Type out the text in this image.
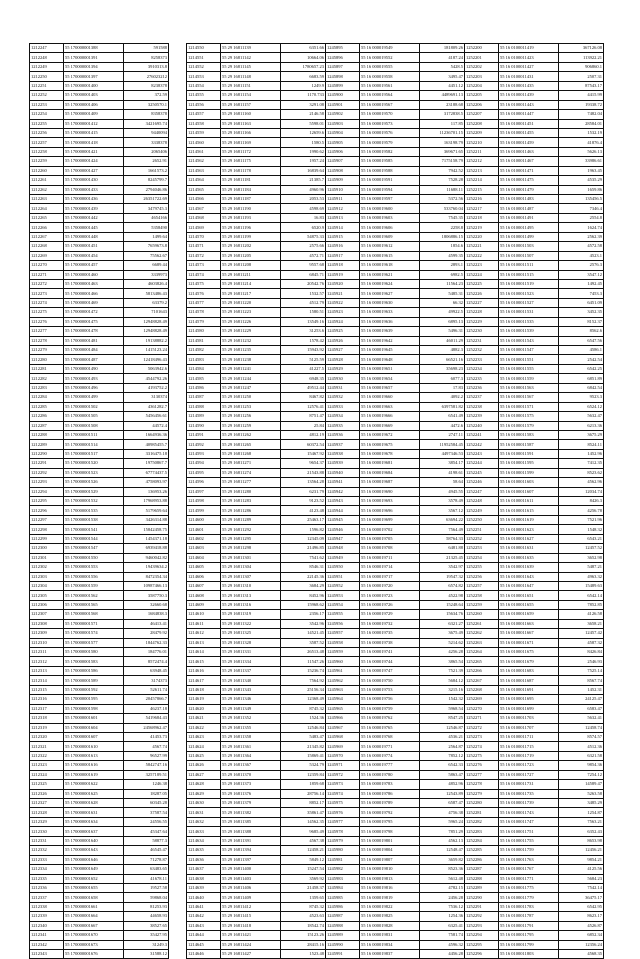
1212247	55 170000001388	591588
1212248	55 170000001391	8258373
1212249	55 170000001394	3910313.8
1212250	55 170000001397	276023212
1212251	55 170000001400	8238378
1212252	55 170000001403	372.59
1212253	55 170000001406	3250570.1
1212254	55 170000001409	8358378
1212255	55 170000001412	3421695.74
1212256	55 170000001415	9440094
1212257	55 170000001418	3338378
1212258	55 170000001421	2065406
1212259	55 170000001424	2652.91
1212260	55 170000001427	1661573.2
1212261	55 170000001430	8245799.7
1212262	55 170000001433	2794046.86
1212263	55 170000001436	26351722.69
1212264	55 170000001439	3479745.3
1212265	55 170000001442	4654166
1212266	55 170000001445	5358490
1212267	55 170000001448	1499.64
1212268	55 170000001451	7659673.8
1212269	55 170000001454	75562.67
1212270	55 170000001457	6689.44
1212271	55 170000001460	3339973
1212272	55 170000001463	4603826.4
1212273	55 170000001466	5813486.43
1212274	55 170000001469	63379.2
1212275	55 170000001472	7101643
1212276	55 170000001475	12948828.49
1212277	55 170000001478	12948828.49
1212278	55 170000001481	19138882.2
1212279	55 170000001484	1415123.24
1212280	55 170000001487	12418496.43
1212281	55 170000001490	5063942.6
1212282	55 170000001493	4544792.26
1212283	55 170000001496	4193752.2
1212284	55 170000001499	3130374
1212285	55 170000001502	4361282.7
1212286	55 170000001505	5456456.61
1212287	55 170000001508	44572.4
1212288	55 170000001511	1664936.36
1212289	55 170000001514	40985455.7
1212290	55 170000001517	3316475.18
1212291	55 170000001520	19750867.7
1212292	55 170000001523	67774437.5
1212293	55 170000001526	4758093.97
1212294	55 170000001529	136953.26
1212295	55 170000001532	17968953.88
1212296	55 170000001535	5179659.64
1212297	55 170000001538	3426314.88
1212298	55 170000001541	15842458.75
1212299	55 170000001544	1454371.18
1212300	55 170000001547	6939418.88
1212301	55 170000001550	9460042.82
1212302	55 170000001553	19439634.2
1212303	55 170000001556	8472354.34
1212304	55 170000001559	10987466.13
1212305	55 170000001562	3587750.3
1212306	55 170000001565	32660.68
1212307	55 170000001568	1684838.3
1212308	55 170000001571	46413.41
1212309	55 170000001574	28479.92
1212310	55 170000001577	1844762.33
1212311	55 170000001580	184776.01
1212312	55 170000001583	8572474.4
1212313	55 170000001586	63948.45
1212314	55 170000001589	3174373
1212315	55 170000001592	52611.74
1212316	55 170000001595	20457866.7
1212317	55 170000001598	46237.18
1212318	55 170000001601	5419684.43
1212319	55 170000001604	24568962.47
1212320	55 170000001607	41453.73
1212321	55 170000001610	4567.74
1212322	55 170000001613	96527.99
1212323	55 170000001616	5842747.16
1212324	55 170000001619	3257189.51
1212325	55 170000001622	1246.38
1212326	55 170000001625	18287.05
1212327	55 170000001628	60345.28
1212328	55 170000001631	37587.54
1212329	55 170000001634	24556.55
1212330	55 170000001637	45347.64
1212331	55 170000001640	58877.3
1212332	55 170000001643	46545.47
1212333	55 170000001646	71278.87
1212334	55 170000001649	63483.65
1212335	55 170000001652	41678.11
1212336	55 170000001655	19527.58
1212337	55 170000001658	59868.04
1212338	55 170000001661	81253.93
1212339	55 170000001664	44658.93
1212340	55 170000001667	38527.65
1212341	55 170000001670	35427.95
1212342	55 170000001673	31249.3
1212343	55 170000001676	31588.12
1214550	55 29 16811139	6351.66
1214551	55 29 16811142	10664.06
1214552	55 29 16811145	1780657.23
1214553	55 29 16811148	6683.59
1214554	55 29 16811151	1249.9
1214555	55 29 16811154	1170.733
1214556	55 29 16811157	3291.08
1214557	55 29 16811160	2146.58
1214558	55 29 16811163	5598.01
1214559	55 29 16811166	12659.6
1214560	55 29 16811169	1580.5
1214561	55 29 16811172	1990.62
1214562	55 29 16811175	1957.24
1214563	55 29 16811178	16839.64
1214564	55 29 16811181	21385.7
1214565	55 29 16811184	4960.96
1214566	55 29 16811187	2053.53
1214567	55 29 16811190	4598.69
1214568	55 29 16811193	16.83
1214569	55 29 16811196	6520.9
1214570	55 29 16811199	54875.33
1214571	55 29 16811202	2575.66
1214572	55 29 16811205	4572.71
1214573	55 29 16811208	9557.68
1214574	55 29 16811211	6845.71
1214575	55 29 16811214	20542.76
1214576	55 29 16811217	1532.57
1214577	55 29 16811220	4512.79
1214578	55 29 16811223	1580.51
1214579	55 29 16811226	13549.16
1214580	55 29 16811229	31253.6
1214581	55 29 16811232	1578.42
1214582	55 29 16811235	15943.92
1214583	55 29 16811238	5125.59
1214584	55 29 16811241	41227.5
1214585	55 29 16811244	6948.35
1214586	55 29 16811247	49512.44
1214587	55 29 16811250	8467.82
1214588	55 29 16811253	12576.41
1214589	55 29 16811256	8751.47
1214590	55 29 16811259	25.84
1214591	55 29 16811262	4812.19
1214592	55 29 16811265	60372.54
1214593	55 29 16811268	15467.92
1214594	55 29 16811271	9654.37
1214595	55 29 16811274	21543.88
1214596	55 29 16811277	13564.28
1214597	55 29 16811280	6231.79
1214598	55 29 16811283	9123.52
1214599	55 29 16811286	4123.48
1214600	55 29 16811289	25463.17
1214601	55 29 16811292	1596.82
1214602	55 29 16811295	12345.09
1214603	55 29 16811298	21496.85
1214604	55 29 16811301	7541.62
1214605	55 29 16811304	8546.31
1214606	55 29 16811307	22145.36
1214607	55 29 16811310	3684.29
1214608	55 29 16811313	8452.96
1214609	55 29 16811316	15968.62
1214610	55 29 16811319	2356.17
1214611	55 29 16811322	3542.96
1214612	55 29 16811325	14521.45
1214613	55 29 16811328	3587.52
1214614	55 29 16811331	26513.48
1214615	55 29 16811334	11547.26
1214616	55 29 16811337	15236.74
1214617	55 29 16811340	7564.92
1214618	55 29 16811343	25156.34
1214619	55 29 16811346	12368.49
1214620	55 29 16811349	8745.32
1214621	55 29 16811352	1524.36
1214622	55 29 16811355	12546.84
1214623	55 29 16811358	5483.47
1214624	55 29 16811361	21345.82
1214625	55 29 16811364	15869.41
1214626	55 29 16811367	5324.79
1214627	55 29 16811370	12359.84
1214628	55 29 16811373	1859.68
1214629	55 29 16811376	28756.14
1214630	55 29 16811379	8852.17
1214631	55 29 16811382	35861.47
1214632	55 29 16811385	14562.35
1214633	55 29 16811388	9685.49
1214634	55 29 16811391	4567.38
1214635	55 29 16811394	12458.21
1214636	55 29 16811397	5849.12
1214637	55 29 16811400	15247.54
1214638	55 29 16811403	3569.92
1214639	55 29 16811406	21458.37
1214640	55 29 16811409	1359.65
1214641	55 29 16811412	8745.32
1214642	55 29 16811415	4523.63
1214643	55 29 16811418	18542.74
1214644	55 29 16811421	15123.26
1214645	55 29 16811424	28415.16
1214646	55 29 16811427	1523.48
1245895	55 16 000019549	181809.26
1245896	55 16 000019552	4187.24
1245897	55 16 000019555	5428.5
1245898	55 16 000019558	3495.47
1245899	55 16 000019561	4451.12
1245900	55 16 000019564	4489691.13
1245901	55 16 000019567	23188.68
1245902	55 16 000019570	3172838.5
1245903	55 16 000019573	117.85
1245904	55 16 000019576	11236701.15
1245905	55 16 000019579	163198.79
1245906	55 16 000019582	369671.65
1245907	55 16 000019585	7175158.79
1245908	55 16 000019588	7942.52
1245909	55 16 000019591	7528.28
1245910	55 16 000019594	11688.11
1245911	55 16 000019597	5372.56
1245912	55 16 000019600	533760.04
1245913	55 16 000019603	7545.35
1245914	55 16 000019606	2258.8
1245915	55 16 000019609	1806886.15
1245916	55 16 000019612	1854.6
1245917	55 16 000019615	4599.35
1245918	55 16 000019618	2893.1
1245919	55 16 000019621	6982.5
1245920	55 16 000019624	11564.23
1245921	55 16 000019627	5485.31
1245922	55 16 000019630	66.32
1245923	55 16 000019633	49922.5
1245924	55 16 000019636	6895.13
1245925	55 16 000019639	5496.31
1245926	55 16 000019642	46011.29
1245927	55 16 000019645	4882.3
1245928	55 16 000019648	66521.16
1245929	55 16 000019651	35698.23
1245930	55 16 000019654	6077.3
1245931	55 16 000019657	17.83
1245932	55 16 000019660	4092.2
1245933	55 16 000019663	6397581.82
1245934	55 16 000019666	6541.49
1245935	55 16 000019669	4472.6
1245936	55 16 000019672	2747.11
1245937	55 16 000019675	11952584.45
1245938	55 16 000019678	4497346.53
1245939	55 16 000019681	3854.17
1245940	55 16 000019684	4198.61
1245941	55 16 000019687	58.64
1245942	55 16 000019690	4945.55
1245943	55 16 000019693	3578.49
1245944	55 16 000019696	3567.12
1245945	55 16 000019699	63694.22
1245946	55 16 000019702	7564.49
1245947	55 16 000019705	58764.33
1245948	55 16 000019708	6481.88
1245949	55 16 000019711	21325.45
1245950	55 16 000019714	3542.97
1245951	55 16 000019717	19547.32
1245952	55 16 000019720	6574.82
1245953	55 16 000019723	4522.98
1245954	55 16 000019726	15248.64
1245955	55 16 000019729	15634.76
1245956	55 16 000019732	6321.27
1245957	55 16 000019735	3675.49
1245958	55 16 000019738	5214.62
1245959	55 16 000019741	4256.28
1245960	55 16 000019744	3865.54
1245961	55 16 000019747	7521.39
1245962	55 16 000019750	5684.12
1245963	55 16 000019753	3215.16
1245964	55 16 000019756	1542.32
1245965	55 16 000019759	5968.54
1245966	55 16 000019762	8547.25
1245967	55 16 000019765	12546.87
1245968	55 16 000019768	4536.21
1245969	55 16 000019771	2564.87
1245970	55 16 000019774	7852.12
1245971	55 16 000019777	6542.33
1245972	55 16 000019780	5863.47
1245973	55 16 000019783	4852.96
1245974	55 16 000019786	12543.89
1245975	55 16 000019789	6587.47
1245976	55 16 000019792	4756.38
1245977	55 16 000019795	5965.24
1245978	55 16 000019798	7851.29
1245979	55 16 000019801	4562.13
1245980	55 16 000019804	12548.47
1245981	55 16 000019807	3659.82
1245982	55 16 000019810	8523.36
1245983	55 16 000019813	5612.48
1245984	55 16 000019816	4782.15
1245985	55 16 000019819	2456.28
1245986	55 16 000019822	7536.12
1245987	55 16 000019825	1254.36
1245988	55 16 000019828	6325.41
1245989	55 16 000019831	7581.74
1245990	55 16 000019834	4596.32
1245991	55 16 000019837	4456.28
1252200	55 16 0100011419	367126.08
1252201	55 16 0100011423	113922.21
1252202	55 16 0100011427	906860.1
1252203	55 16 0100011431	2507.31
1252204	55 16 0100011435	87543.17
1252205	55 16 0100011439	4415.99
1252206	55 16 0100011443	19338.72
1252207	55 16 0100011447	7482.04
1252208	55 16 0100011451	28584.01
1252209	55 16 0100011455	1532.19
1252210	55 16 0100011459	41876.4
1252211	55 16 0100011463	5626.13
1252212	55 16 0100011467	33986.61
1252213	55 16 0100011471	1963.45
1252214	55 16 0100011475	4535.29
1252215	55 16 0100011479	1659.86
1252216	55 16 0100011483	135456.5
1252217	55 16 0100011487	7346.4
1252218	55 16 0100011491	2554.8
1252219	55 16 0100011495	1624.74
1252220	55 16 0100011499	2562.39
1252221	55 16 0100011503	4572.58
1252222	55 16 0100011507	4523.1
1252223	55 16 0100011511	2576.3
1252224	55 16 0100011515	3547.12
1252225	55 16 0100011519	1492.45
1252226	55 16 0100011523	7453.3
1252227	55 16 0100011527	6451.09
1252228	55 16 0100011531	3452.35
1252229	55 16 0100011535	8152.37
1252230	55 16 0100011539	8562.6
1252231	55 16 0100011543	6547.56
1252232	55 16 0100011547	4586.1
1252233	55 16 0100011551	2542.54
1252234	55 16 0100011555	6542.25
1252235	55 16 0100011559	6851.89
1252236	55 16 0100011563	6842.54
1252237	55 16 0100011567	9523.3
1252238	55 16 0100011571	6524.12
1252239	55 16 0100011575	5632.47
1252240	55 16 0100011579	6213.36
1252241	55 16 0100011583	3675.29
1252242	55 16 0100011587	8524.11
1252243	55 16 0100011591	1452.96
1252244	55 16 0100011595	7412.35
1252245	55 16 0100011599	8523.62
1252246	55 16 0100011603	4562.96
1252247	55 16 0100011607	12034.74
1252248	55 16 0100011611	8426.3
1252249	55 16 0100011615	4256.78
1252250	55 16 0100011619	7521.96
1252251	55 16 0100011623	1548.32
1252252	55 16 0100011627	6543.21
1252253	55 16 0100011631	12457.52
1252254	55 16 0100011635	3652.98
1252255	55 16 0100011639	5487.21
1252256	55 16 0100011643	4963.32
1252257	55 16 0100011647	15489.63
1252258	55 16 0100011651	6542.14
1252259	55 16 0100011655	7852.85
1252260	55 16 0100011659	4126.58
1252261	55 16 0100011663	3658.21
1252262	55 16 0100011667	12457.42
1252263	55 16 0100011671	4587.32
1252264	55 16 0100011675	8426.84
1252265	55 16 0100011679	2546.93
1252266	55 16 0100011683	7525.14
1252267	55 16 0100011687	8567.74
1252268	55 16 0100011691	1452.31
1252269	55 16 0100011695	24125.47
1252270	55 16 0100011699	6583.47
1252271	55 16 0100011703	5632.41
1252272	55 16 0100011707	12458.74
1252273	55 16 0100011711	8574.57
1252274	55 16 0100011715	4512.36
1252275	55 16 0100011719	6321.58
1252276	55 16 0100011723	9854.36
1252277	55 16 0100011727	7254.12
1252278	55 16 0100011731	14589.47
1252279	55 16 0100011735	5263.58
1252280	55 16 0100011739	3485.29
1252281	55 16 0100011743	1254.87
1252282	55 16 0100011747	7563.21
1252283	55 16 0100011751	6352.43
1252284	55 16 0100011755	8653.98
1252285	55 16 0100011759	12456.21
1252286	55 16 0100011763	9854.21
1252287	55 16 0100011767	4125.56
1252288	55 16 0100011771	5684.23
1252289	55 16 0100011775	7542.14
1252290	55 16 0100011779	36475.17
1252291	55 16 0100011783	6542.95
1252292	55 16 0100011787	8623.17
1252293	55 16 0100011791	4526.87
1252294	55 16 0100011795	6852.34
1252295	55 16 0100011799	12356.24
1252296	55 16 0100011803	4568.35
